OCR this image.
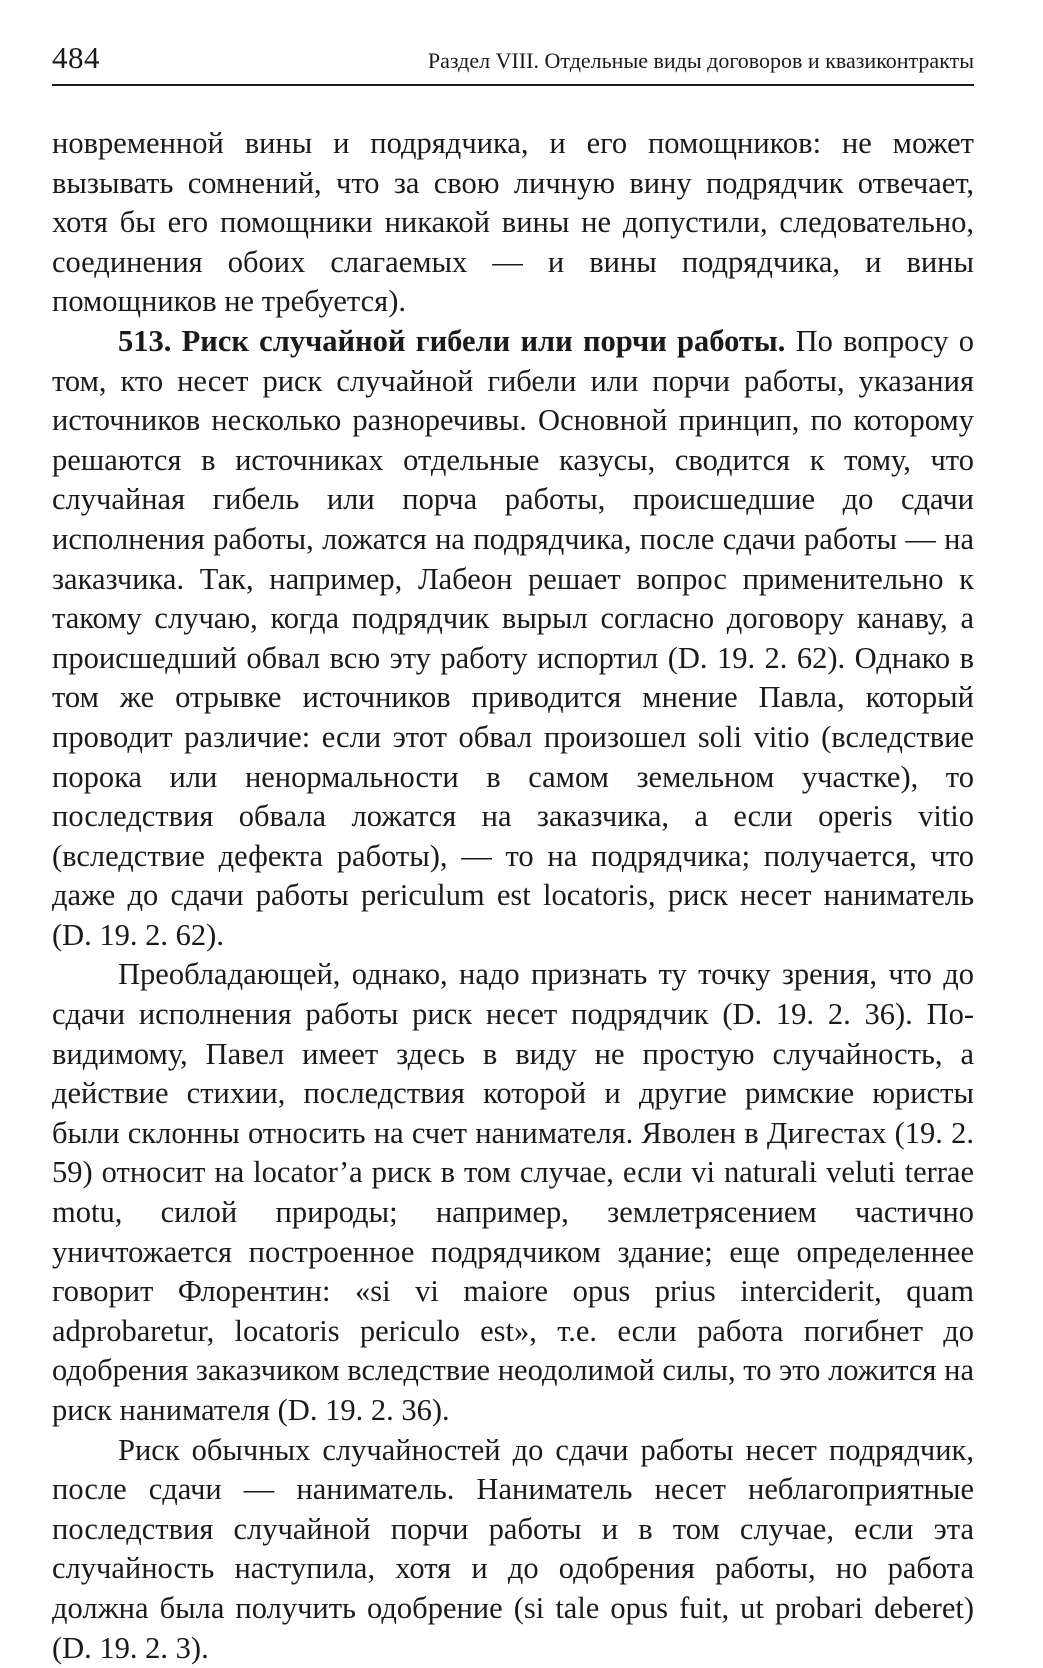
484	Раздел VIII. Отдельные виды договоров и квазиконтракты

новременной вины и подрядчика, и его помощников: не может вызывать сомнений, что за свою личную вину подрядчик отвечает, хотя бы его помощники никакой вины не допустили, следовательно, соединения обоих слагаемых — и вины подрядчика, и вины помощников не требуется).

513. Риск случайной гибели или порчи работы. По вопросу о том, кто несет риск случайной гибели или порчи работы, указания источников несколько разноречивы. Основной принцип, по которому решаются в источниках отдельные казусы, сводится к тому, что случайная гибель или порча работы, происшедшие до сдачи исполнения работы, ложатся на подрядчика, после сдачи работы — на заказчика. Так, например, Лабеон решает вопрос применительно к такому случаю, когда подрядчик вырыл согласно договору канаву, а происшедший обвал всю эту работу испортил (D. 19. 2. 62). Однако в том же отрывке источников приводится мнение Павла, который проводит различие: если этот обвал произошел soli vitio (вследствие порока или ненормальности в самом земельном участке), то последствия обвала ложатся на заказчика, а если operis vitio (вследствие дефекта работы), — то на подрядчика; получается, что даже до сдачи работы periculum est locatoris, риск несет наниматель (D. 19. 2. 62).

Преобладающей, однако, надо признать ту точку зрения, что до сдачи исполнения работы риск несет подрядчик (D. 19. 2. 36). По-видимому, Павел имеет здесь в виду не простую случайность, а действие стихии, последствия которой и другие римские юристы были склонны относить на счет нанимателя. Яволен в Дигестах (19. 2. 59) относит на locator’а риск в том случае, если vi naturali veluti terrae motu, силой природы; например, землетрясением частично уничтожается построенное подрядчиком здание; еще определеннее говорит Флорентин: «si vi maiore opus prius interciderit, quam adprobaretur, locatoris periculo est», т.е. если работа погибнет до одобрения заказчиком вследствие неодолимой силы, то это ложится на риск нанимателя (D. 19. 2. 36).

Риск обычных случайностей до сдачи работы несет подрядчик, после сдачи — наниматель. Наниматель несет неблагоприятные последствия случайной порчи работы и в том случае, если эта случайность наступила, хотя и до одобрения работы, но работа должна была получить одобрение (si tale opus fuit, ut probari deberet) (D. 19. 2. 3).
